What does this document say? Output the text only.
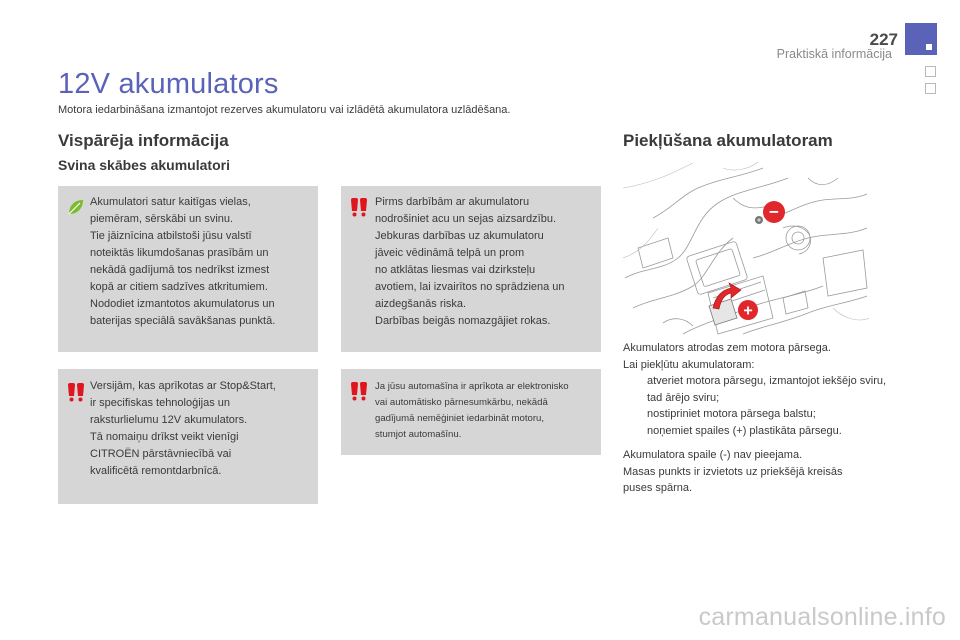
227
Praktiskā informācija
12V akumulators
Motora iedarbināšana izmantojot rezerves akumulatoru vai izlādētā akumulatora uzlādēšana.
Vispārēja informācija
Svina skābes akumulatori
Akumulatori satur kaitīgas vielas,
piemēram, sērskābi un svinu.
Tie jāiznīcina atbilstoši jūsu valstī
noteiktās likumdošanas prasībām un
nekādā gadījumā tos nedrīkst izmest
kopā ar citiem sadzīves atkritumiem.
Nododiet izmantotos akumulatorus un
baterijas speciālā savākšanas punktā.
Pirms darbībām ar akumulatoru
nodrošiniet acu un sejas aizsardzību.
Jebkuras darbības uz akumulatoru
jāveic vēdināmā telpā un prom
no atklātas liesmas vai dzirksteļu
avotiem, lai izvairītos no sprādziena un
aizdegšanās riska.
Darbības beigās nomazgājiet rokas.
Versijām, kas aprīkotas ar Stop&Start,
ir specifiskas tehnoloģijas un
raksturlielumu 12V akumulators.
Tā nomaiņu drīkst veikt vienīgi
CITROËN pārstāvniecībā vai
kvalificētā remontdarbnīcā.
Ja jūsu automašīna ir aprīkota ar elektronisko
vai automātisko pārnesumkārbu, nekādā
gadījumā nemēģiniet iedarbināt motoru,
stumjot automašīnu.
Piekļūšana akumulatoram
−
+
Akumulators atrodas zem motora pārsega.
Lai piekļūtu akumulatoram:
atveriet motora pārsegu, izmantojot iekšējo sviru, tad ārējo sviru;
nostipriniet motora pārsega balstu;
noņemiet spailes (+) plastikāta pārsegu.
Akumulatora spaile (-) nav pieejama.
Masas punkts ir izvietots uz priekšējā kreisās
puses spārna.
carmanualsonline.info
